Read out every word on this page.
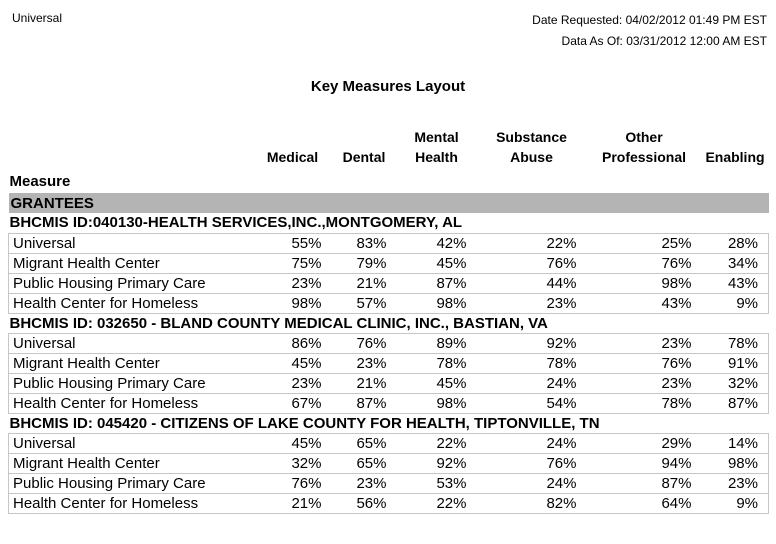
Universal	Date Requested: 04/02/2012 01:49 PM EST
Data As Of: 03/31/2012 12:00 AM EST
Key Measures Layout
	Medical	Dental	Mental Health	Substance Abuse	Other Professional	Enabling
Measure						
GRANTEES						
BHCMIS ID:040130-HEALTH SERVICES,INC.,MONTGOMERY, AL						
Universal	55%	83%	42%	22%	25%	28%
Migrant Health Center	75%	79%	45%	76%	76%	34%
Public Housing Primary Care	23%	21%	87%	44%	98%	43%
Health Center for Homeless	98%	57%	98%	23%	43%	9%
BHCMIS ID: 032650 - BLAND COUNTY MEDICAL CLINIC, INC., BASTIAN, VA						
Universal	86%	76%	89%	92%	23%	78%
Migrant Health Center	45%	23%	78%	78%	76%	91%
Public Housing Primary Care	23%	21%	45%	24%	23%	32%
Health Center for Homeless	67%	87%	98%	54%	78%	87%
BHCMIS ID: 045420 - CITIZENS OF LAKE COUNTY FOR HEALTH, TIPTONVILLE, TN						
Universal	45%	65%	22%	24%	29%	14%
Migrant Health Center	32%	65%	92%	76%	94%	98%
Public Housing Primary Care	76%	23%	53%	24%	87%	23%
Health Center for Homeless	21%	56%	22%	82%	64%	9%
